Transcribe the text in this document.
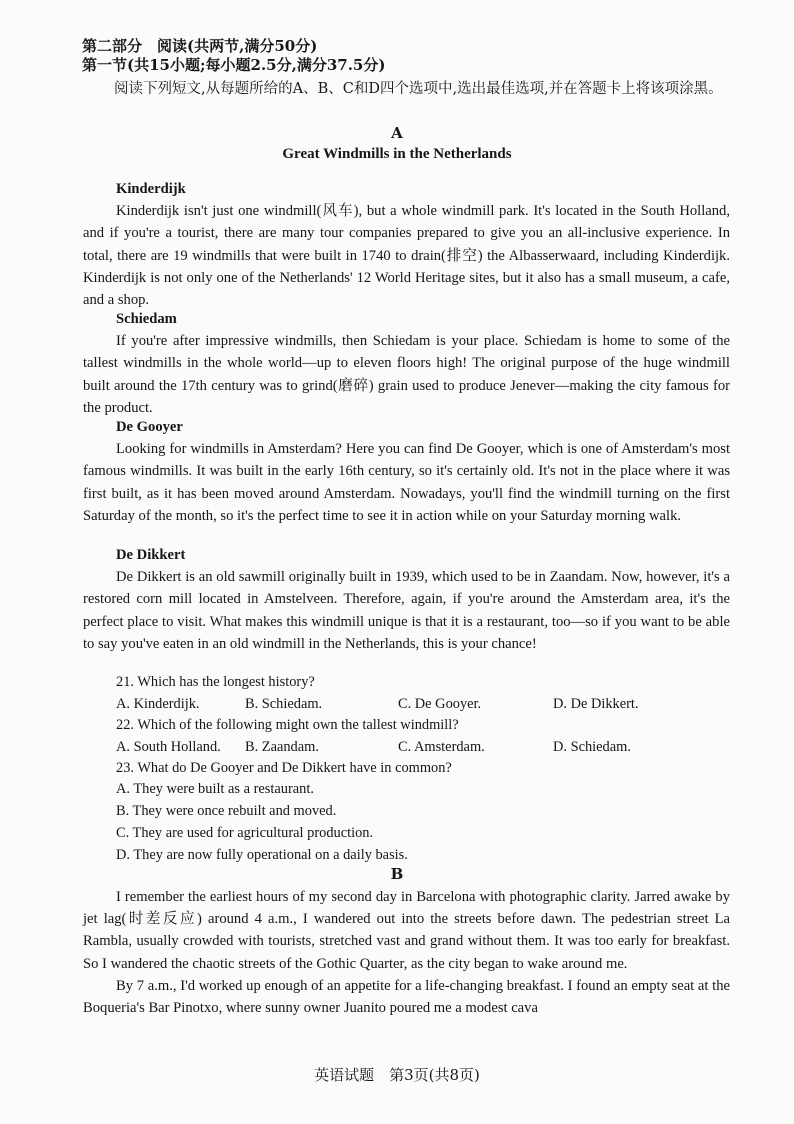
第二部分　阅读(共两节,满分50分)
第一节(共15小题;每小题2.5分,满分37.5分)
阅读下列短文,从每题所给的A、B、C和D四个选项中,选出最佳选项,并在答题卡上将该项涂黑。
A
Great Windmills in the Netherlands
Kinderdijk
Kinderdijk isn't just one windmill(风车), but a whole windmill park. It's located in the South Holland, and if you're a tourist, there are many tour companies prepared to give you an all-inclusive experience. In total, there are 19 windmills that were built in 1740 to drain(排空) the Albasserwaard, including Kinderdijk. Kinderdijk is not only one of the Netherlands' 12 World Heritage sites, but it also has a small museum, a cafe, and a shop.
Schiedam
If you're after impressive windmills, then Schiedam is your place. Schiedam is home to some of the tallest windmills in the whole world—up to eleven floors high! The original purpose of the huge windmill built around the 17th century was to grind(磨碎) grain used to produce Jenever—making the city famous for the product.
De Gooyer
Looking for windmills in Amsterdam? Here you can find De Gooyer, which is one of Amsterdam's most famous windmills. It was built in the early 16th century, so it's certainly old. It's not in the place where it was first built, as it has been moved around Amsterdam. Nowadays, you'll find the windmill turning on the first Saturday of the month, so it's the perfect time to see it in action while on your Saturday morning walk.
De Dikkert
De Dikkert is an old sawmill originally built in 1939, which used to be in Zaandam. Now, however, it's a restored corn mill located in Amstelveen. Therefore, again, if you're around the Amsterdam area, it's the perfect place to visit. What makes this windmill unique is that it is a restaurant, too—so if you want to be able to say you've eaten in an old windmill in the Netherlands, this is your chance!
21. Which has the longest history?
A. Kinderdijk.	B. Schiedam.	C. De Gooyer.	D. De Dikkert.
22. Which of the following might own the tallest windmill?
A. South Holland. B. Zaandam.	C. Amsterdam.	D. Schiedam.
23. What do De Gooyer and De Dikkert have in common?
A. They were built as a restaurant.
B. They were once rebuilt and moved.
C. They are used for agricultural production.
D. They are now fully operational on a daily basis.
B
I remember the earliest hours of my second day in Barcelona with photographic clarity. Jarred awake by jet lag(时差反应) around 4 a.m., I wandered out into the streets before dawn. The pedestrian street La Rambla, usually crowded with tourists, stretched vast and grand without them. It was too early for breakfast. So I wandered the chaotic streets of the Gothic Quarter, as the city began to wake around me.
By 7 a.m., I'd worked up enough of an appetite for a life-changing breakfast. I found an empty seat at the Boqueria's Bar Pinotxo, where sunny owner Juanito poured me a modest cava
英语试题　第3页(共8页)
